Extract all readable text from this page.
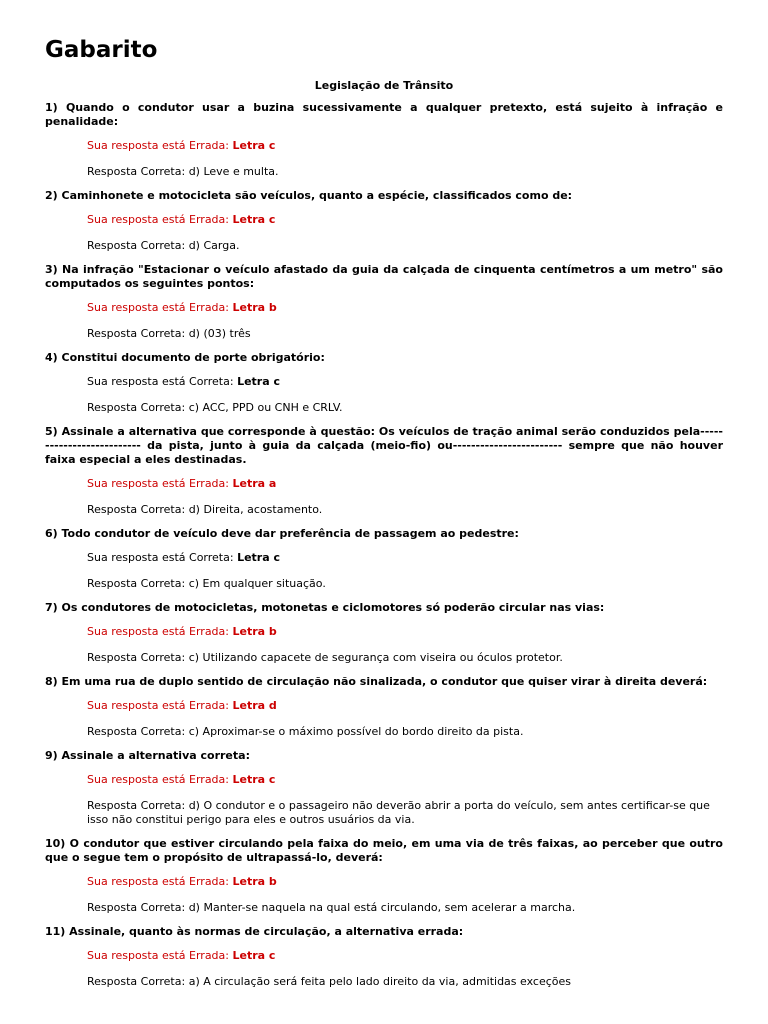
Gabarito
Legislação de Trânsito
1) Quando o condutor usar a buzina sucessivamente a qualquer pretexto, está sujeito à infração e penalidade:
Sua resposta está Errada: Letra c
Resposta Correta: d) Leve e multa.
2) Caminhonete e motocicleta são veículos, quanto a espécie, classificados como de:
Sua resposta está Errada: Letra c
Resposta Correta: d) Carga.
3) Na infração "Estacionar o veículo afastado da guia da calçada de cinquenta centímetros a um metro" são computados os seguintes pontos:
Sua resposta está Errada: Letra b
Resposta Correta: d) (03) três
4) Constitui documento de porte obrigatório:
Sua resposta está Correta: Letra c
Resposta Correta: c) ACC, PPD ou CNH e CRLV.
5) Assinale a alternativa que corresponde à questão: Os veículos de tração animal serão conduzidos pela-------------------------- da pista, junto à guia da calçada (meio-fio) ou------------------------ sempre que não houver faixa especial a eles destinadas.
Sua resposta está Errada: Letra a
Resposta Correta: d) Direita, acostamento.
6) Todo condutor de veículo deve dar preferência de passagem ao pedestre:
Sua resposta está Correta: Letra c
Resposta Correta: c) Em qualquer situação.
7) Os condutores de motocicletas, motonetas e ciclomotores só poderão circular nas vias:
Sua resposta está Errada: Letra b
Resposta Correta: c) Utilizando capacete de segurança com viseira ou óculos protetor.
8) Em uma rua de duplo sentido de circulação não sinalizada, o condutor que quiser virar à direita deverá:
Sua resposta está Errada: Letra d
Resposta Correta: c) Aproximar-se o máximo possível do bordo direito da pista.
9) Assinale a alternativa correta:
Sua resposta está Errada: Letra c
Resposta Correta: d) O condutor e o passageiro não deverão abrir a porta do veículo, sem antes certificar-se que isso não constitui perigo para eles e outros usuários da via.
10) O condutor que estiver circulando pela faixa do meio, em uma via de três faixas, ao perceber que outro que o segue tem o propósito de ultrapassá-lo, deverá:
Sua resposta está Errada: Letra b
Resposta Correta: d) Manter-se naquela na qual está circulando, sem acelerar a marcha.
11) Assinale, quanto às normas de circulação, a alternativa errada:
Sua resposta está Errada: Letra c
Resposta Correta: a) A circulação será feita pelo lado direito da via, admitidas exceções
